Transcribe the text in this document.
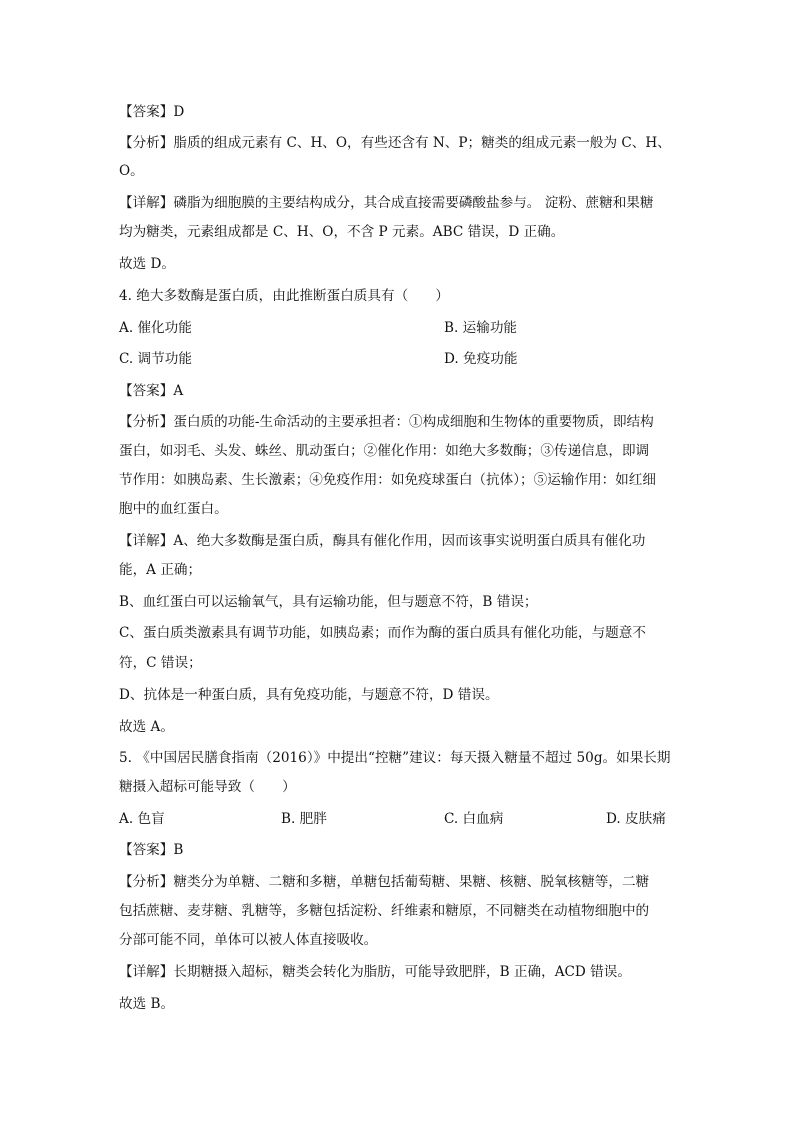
【答案】D
【分析】脂质的组成元素有 C、H、O，有些还含有 N、P；糖类的组成元素一般为 C、H、
O。
【详解】磷脂为细胞膜的主要结构成分，其合成直接需要磷酸盐参与。 淀粉、蔗糖和果糖
均为糖类，元素组成都是 C、H、O，不含 P 元素。ABC 错误，D 正确。
故选 D。
4. 绝大多数酶是蛋白质，由此推断蛋白质具有（　　）
A. 催化功能	B. 运输功能
C. 调节功能	D. 免疫功能
【答案】A
【分析】蛋白质的功能-生命活动的主要承担者：①构成细胞和生物体的重要物质，即结构
蛋白，如羽毛、头发、蛛丝、肌动蛋白；②催化作用：如绝大多数酶；③传递信息，即调
节作用：如胰岛素、生长激素；④免疫作用：如免疫球蛋白（抗体）；⑤运输作用：如红细
胞中的血红蛋白。
【详解】A、绝大多数酶是蛋白质，酶具有催化作用，因而该事实说明蛋白质具有催化功
能，A 正确；
B、血红蛋白可以运输氧气，具有运输功能，但与题意不符，B 错误；
C、蛋白质类激素具有调节功能，如胰岛素；而作为酶的蛋白质具有催化功能，与题意不
符，C 错误；
D、抗体是一种蛋白质，具有免疫功能，与题意不符，D 错误。
故选 A。
5. 《中国居民膳食指南（2016）》中提出“控糖”建议：每天摄入糖量不超过 50g。如果长期
糖摄入超标可能导致（　　）
A. 色盲	B. 肥胖	C. 白血病	D. 皮肤痛
【答案】B
【分析】糖类分为单糖、二糖和多糖，单糖包括葡萄糖、果糖、核糖、脱氧核糖等，二糖
包括蔗糖、麦芽糖、乳糖等，多糖包括淀粉、纤维素和糖原，不同糖类在动植物细胞中的
分部可能不同，单体可以被人体直接吸收。
【详解】长期糖摄入超标，糖类会转化为脂肪，可能导致肥胖，B 正确，ACD 错误。
故选 B。
